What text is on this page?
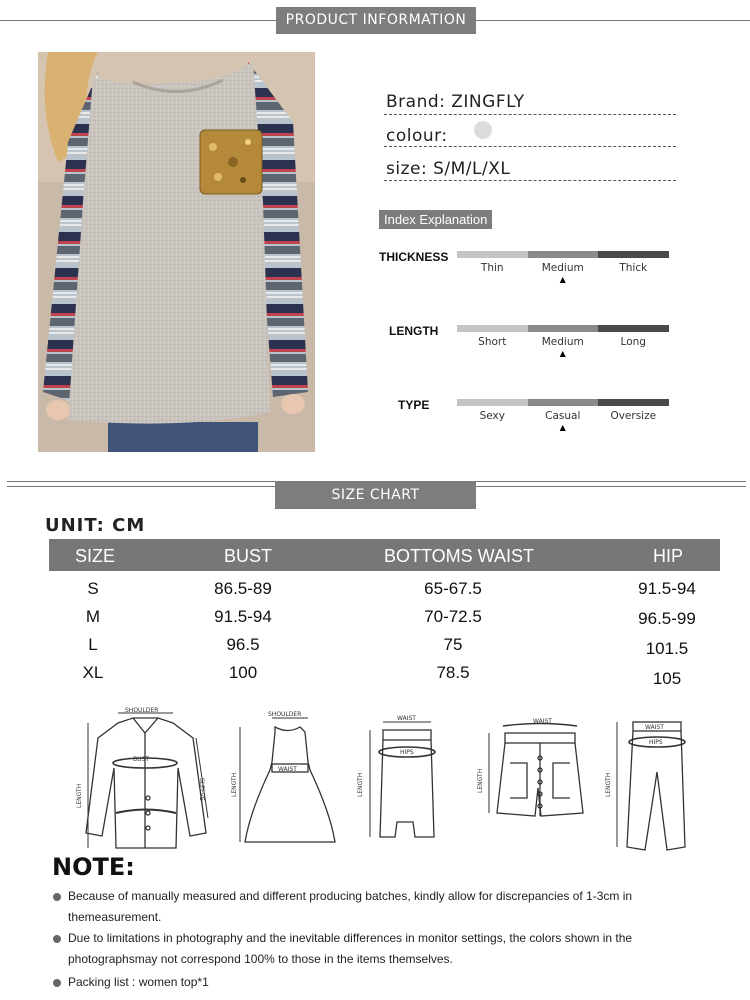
PRODUCT INFORMATION
Brand: ZINGFLY
colour:
size: S/M/L/XL
Index Explanation
THICKNESS
Thin	Medium	Thick
▲
LENGTH
Short	Medium	Long
▲
TYPE
Sexy	Casual	Oversize
▲
SIZE CHART
UNIT: CM
SIZE	BUST	BOTTOMS WAIST	HIP
S	86.5-89	65-67.5	91.5-94
M	91.5-94	70-72.5	96.5-99
L	96.5	75	101.5
XL	100	78.5	105
SHOULDER
BUST
LENGTH	SLEEVE
SHOULDER
WAIST
LENGTH
WAIST
HIPS
LENGTH
WAIST
LENGTH
WAIST
HIPS
LENGTH
NOTE:
Because of manually measured and different producing batches, kindly allow for discrepancies of 1-3cm in
themeasurement.
Due to limitations in photography and the inevitable differences in monitor settings, the colors shown in the
photographsmay not correspond 100% to those in the items themselves.
Packing list : women top*1
